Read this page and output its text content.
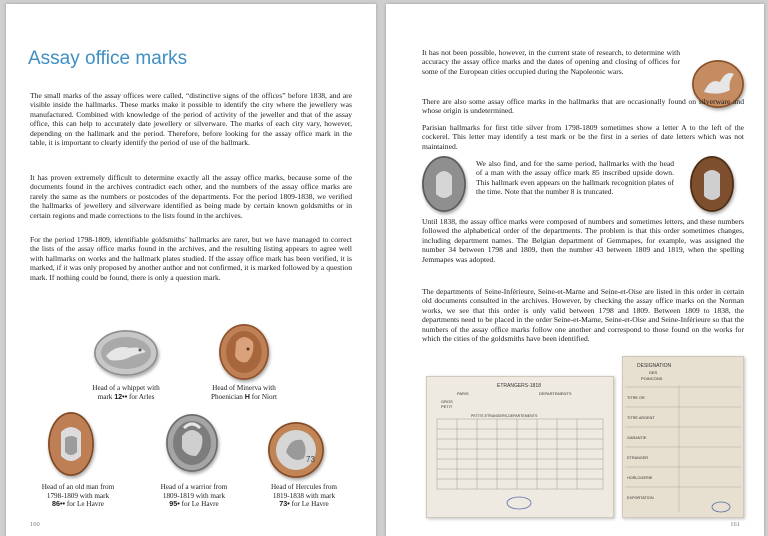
Assay office marks

The small marks of the assay offices were called, “distinctive signs of the offices” before 1838, and are visible inside the hallmarks. These marks make it possible to identify the city where the jewellery was manufactured. Combined with knowledge of the period of activity of the jeweller and that of the assay office, this can help to accurately date jewellery or silverware. The marks of each city vary, however, depending on the hallmark and the period. Therefore, before looking for the assay office mark in the table, it is important to clearly identify the period of use of the hallmark.

It has proven extremely difficult to determine exactly all the assay office marks, because some of the documents found in the archives contradict each other, and the numbers of the assay office marks are rarely the same as the numbers or postcodes of the departments. For the period 1809-1838, we verified the hallmarks of jewellery and silverware identified as being made by certain known goldsmiths or in certain regions and made corrections to the lists found in the archives.

For the period 1798-1809, identifiable goldsmiths’ hallmarks are rarer, but we have managed to correct the lists of the assay office marks found in the archives, and the resulting listing appears to agree well with hallmarks on works and the hallmark plates studied. If the assay office mark has been verified, it is marked, if it was only proposed by another author and not confirmed, it is marked followed by a question mark. If nothing could be found, there is only a question mark.

Head of a whippet with
mark 12•• for Arles
Head of Minerva with
Phoenician H for Niort
73
Head of an old man from
1798-1809 with mark
86•• for Le Havre
Head of a warrior from
1809-1819 with mark
95• for Le Havre
Head of Hercules from
1819-1838 with mark
73• for Le Havre
160

It has not been possible, however, in the current state of research, to determine with accuracy the assay office marks and the dates of opening and closing of offices for some of the European cities occupied during the Napoleonic wars.

There are also some assay office marks in the hallmarks that are occasionally found on silverware and whose origin is undetermined.

Parisian hallmarks for first title silver from 1798-1809 sometimes show a letter A to the left of the cockerel. This letter may identify a test mark or be the first in a series of date letters which was not maintained.

We also find, and for the same period, hallmarks with the head of a man with the assay office mark 85 inscribed upside down. This hallmark even appears on the hallmark recognition plates of the time. Note that the number 8 is truncated.

Until 1838, the assay office marks were composed of numbers and sometimes letters, and these numbers followed the alphabetical order of the departments. The problem is that this order sometimes changes, including department names. The Belgian department of Gemmapes, for example, was assigned the number 34 between 1798 and 1809, then the number 43 between 1809 and 1819, when the spelling Jemmapes was adopted.

The departments of Seine-Inférieure, Seine-et-Marne and Seine-et-Oise are listed in this order in certain old documents consulted in the archives. However, by checking the assay office marks on the Norman works, we see that this order is only valid between 1798 and 1809. Between 1809 to 1838, the departments need to be placed in the order Seine-et-Marne, Seine-et-Oise and Seine-Inférieure so that the numbers of the assay office marks follow one another and correspond to those found on the works for which the cities of the goldsmiths have been identified.

ETRANGERS-1818
PARIS	DEPARTEMENTS
GROS
PETIT
PETITS ETRANGERS-DEPARTEMENTS
DESIGNATION
DES
POINCONS
TITRE OR
TITRE ARGENT
GARANTIE
ETRANGER
HORLOGERIE
EXPORTATION
161
